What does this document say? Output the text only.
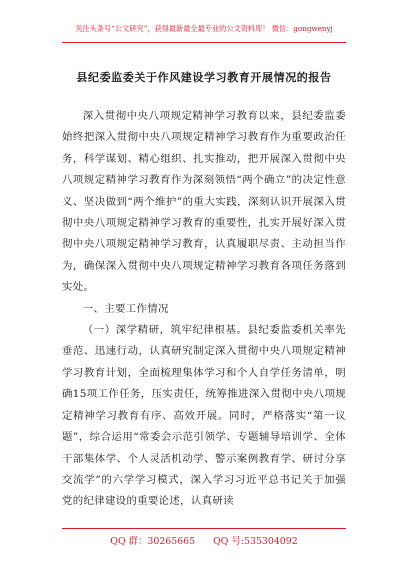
关注头条号“公文研究”，获得最新最全最专业的公文资料库！ 微信：gongwenyj
县纪委监委关于作风建设学习教育开展情况的报告

深入贯彻中央八项规定精神学习教育以来，县纪委监委始终把深入贯彻中央八项规定精神学习教育作为重要政治任务，科学谋划、精心组织、扎实推动，把开展深入贯彻中央八项规定精神学习教育作为深刻领悟“两个确立”的决定性意义、坚决做到“两个维护”的重大实践，深刻认识开展深入贯彻中央八项规定精神学习教育的重要性，扎实开展好深入贯彻中央八项规定精神学习教育，认真履职尽责、主动担当作为，确保深入贯彻中央八项规定精神学习教育各项任务落到实处。

一、主要工作情况

（一）深学精研，筑牢纪律根基。县纪委监委机关率先垂范、迅速行动，认真研究制定深入贯彻中央八项规定精神学习教育计划，全面梳理集体学习和个人自学任务清单，明确15项工作任务，压实责任，统筹推进深入贯彻中央八项规定精神学习教育有序、高效开展。同时，严格落实“第一议题”，综合运用“常委会示范引领学、专题辅导培训学、全体干部集体学、个人灵活机动学、警示案例教育学、研讨分享交流学”的六学学习模式，深入学习习近平总书记关于加强党的纪律建设的重要论述，认真研读

QQ 群：30265665 QQ 号:535304092
